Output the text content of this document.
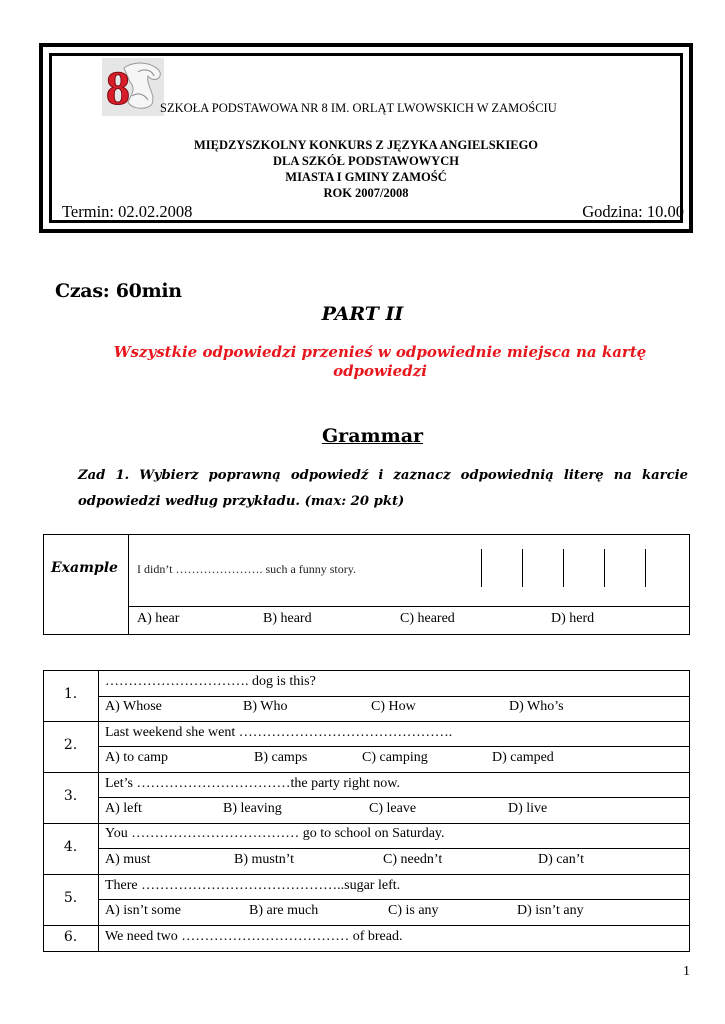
8 SZKOŁA PODSTAWOWA NR 8 IM. ORLĄT LWOWSKICH W ZAMOŚCIU
MIĘDZYSZKOLNY KONKURS Z JĘZYKA ANGIELSKIEGO
DLA SZKÓŁ PODSTAWOWYCH
MIASTA I GMINY ZAMOŚĆ
ROK 2007/2008
Termin: 02.02.2008	Godzina: 10.00
Czas: 60min
PART II
Wszystkie odpowiedzi przenieś w odpowiednie miejsca na kartę odpowiedzi
Grammar
Zad 1. Wybierz poprawną odpowiedź i zaznacz odpowiednią literę na karcie odpowiedzi według przykładu. (max: 20 pkt)
Example I didn’t …………………. such a funny story.
A) hear	B) heard	C) heared	D) herd
1.
…………………………. dog is this?
A) Whose	B) Who	C) How	D) Who’s
2.
Last weekend she went ……………………………………….
A) to camp	B) camps	C) camping	D) camped
3.
Let’s ……………………………the party right now.
A) left	B) leaving	C) leave	D) live
4.
You ……………………………… go to school on Saturday.
A) must	B) mustn’t	C) needn’t	D) can’t
5.
There ……………………………………..sugar left.
A) isn’t some	B) are much	C) is any	D) isn’t any
6.	We need two ……………………………… of bread.
1
